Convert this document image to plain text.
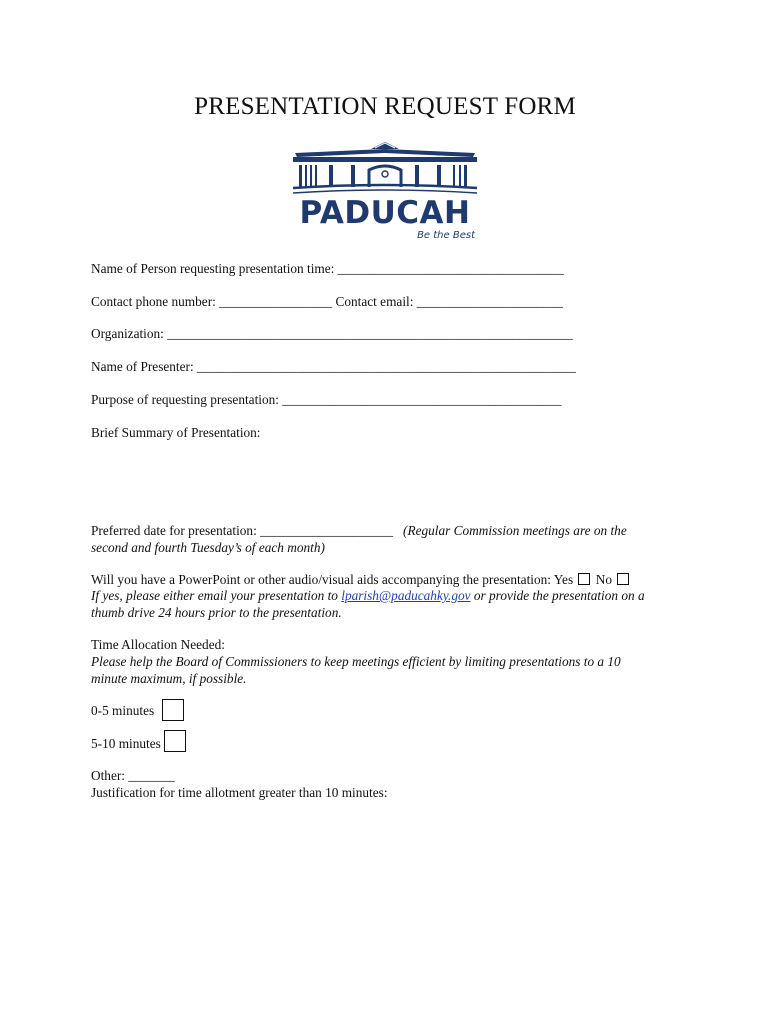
PRESENTATION REQUEST FORM
PADUCAH
Be the Best
Name of Person requesting presentation time: __________________________________
Contact phone number: _________________ Contact email: ______________________
Organization: _____________________________________________________________
Name of Presenter: _________________________________________________________
Purpose of requesting presentation: __________________________________________
Brief Summary of Presentation:
Preferred date for presentation: ____________________ (Regular Commission meetings are on the
second and fourth Tuesday’s of each month)
Will you have a PowerPoint or other audio/visual aids accompanying the presentation: Yes No
If yes, please either email your presentation to lparish@paducahky.gov or provide the presentation on a
thumb drive 24 hours prior to the presentation.
Time Allocation Needed:
Please help the Board of Commissioners to keep meetings efficient by limiting presentations to a 10
minute maximum, if possible.
0-5 minutes
5-10 minutes
Other: _______
Justification for time allotment greater than 10 minutes:
